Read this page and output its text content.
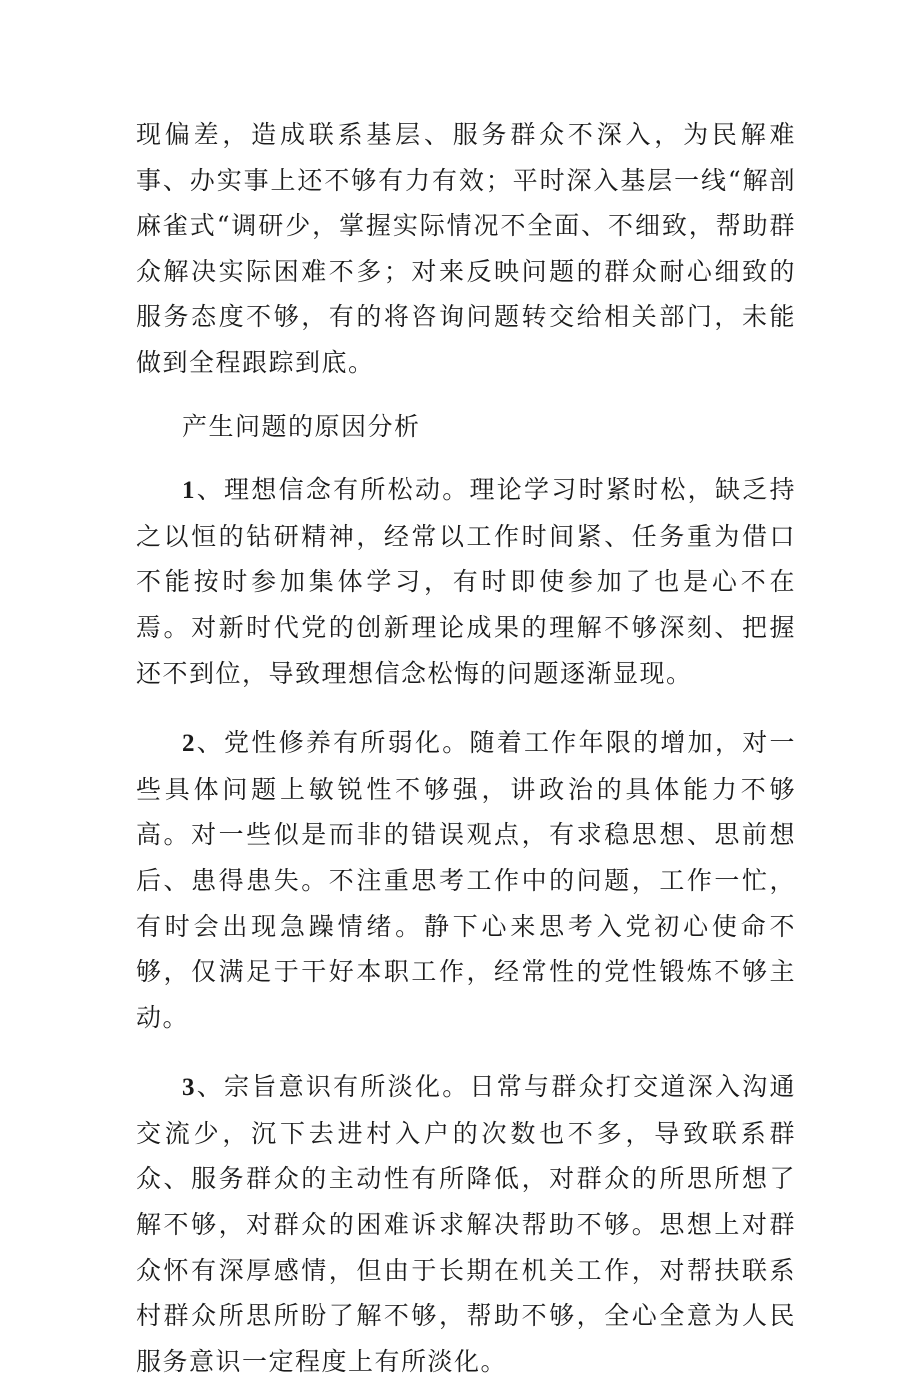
现偏差，造成联系基层、服务群众不深入，为民解难事、办实事上还不够有力有效；平时深入基层一线“解剖麻雀式“调研少，掌握实际情况不全面、不细致，帮助群众解决实际困难不多；对来反映问题的群众耐心细致的服务态度不够，有的将咨询问题转交给相关部门，未能做到全程跟踪到底。

产生问题的原因分析

1、理想信念有所松动。理论学习时紧时松，缺乏持之以恒的钻研精神，经常以工作时间紧、任务重为借口不能按时参加集体学习，有时即使参加了也是心不在焉。对新时代党的创新理论成果的理解不够深刻、把握还不到位，导致理想信念松悔的问题逐渐显现。

2、党性修养有所弱化。随着工作年限的增加，对一些具体问题上敏锐性不够强，讲政治的具体能力不够高。对一些似是而非的错误观点，有求稳思想、思前想后、患得患失。不注重思考工作中的问题，工作一忙，有时会出现急躁情绪。静下心来思考入党初心使命不够，仅满足于干好本职工作，经常性的党性锻炼不够主动。

3、宗旨意识有所淡化。日常与群众打交道深入沟通交流少，沉下去进村入户的次数也不多，导致联系群众、服务群众的主动性有所降低，对群众的所思所想了解不够，对群众的困难诉求解决帮助不够。思想上对群众怀有深厚感情，但由于长期在机关工作，对帮扶联系村群众所思所盼了解不够，帮助不够，全心全意为人民服务意识一定程度上有所淡化。
